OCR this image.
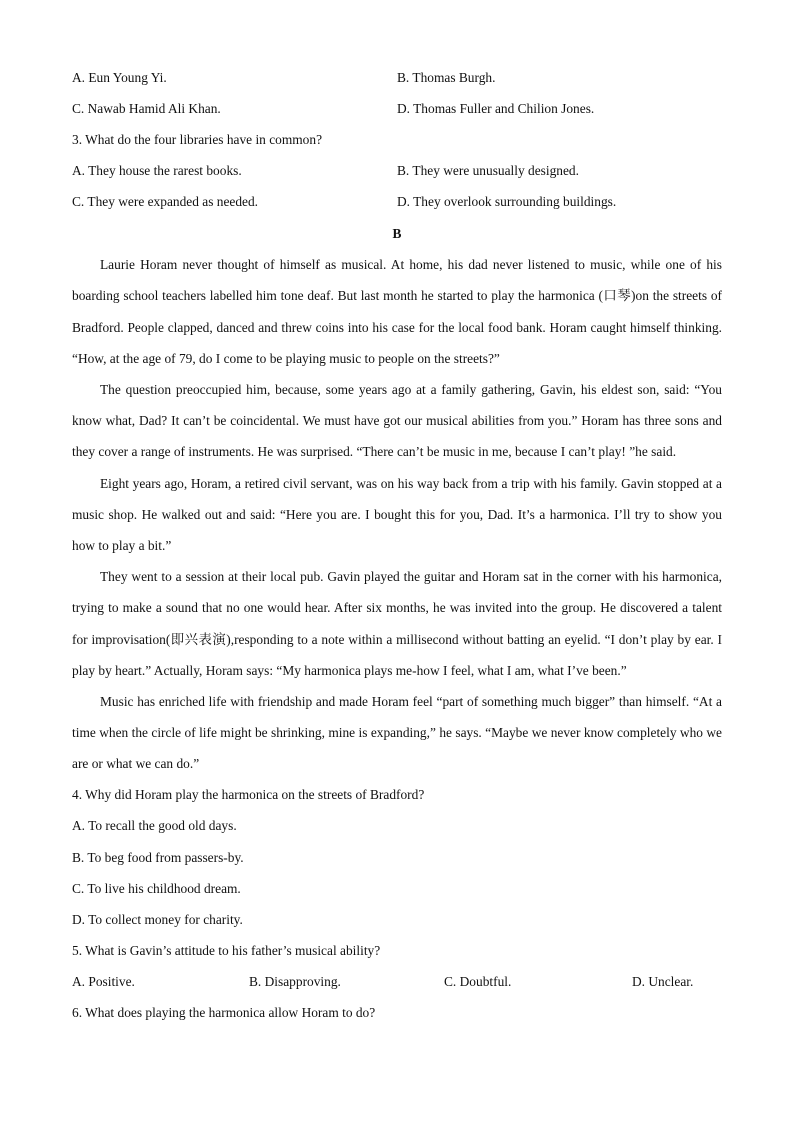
A. Eun Young Yi.	B. Thomas Burgh.
C. Nawab Hamid Ali Khan.	D. Thomas Fuller and Chilion Jones.
3. What do the four libraries have in common?
A. They house the rarest books.	B. They were unusually designed.
C. They were expanded as needed.	D. They overlook surrounding buildings.
B

Laurie Horam never thought of himself as musical. At home, his dad never listened to music, while one of his boarding school teachers labelled him tone deaf. But last month he started to play the harmonica (口琴)on the streets of Bradford. People clapped, danced and threw coins into his case for the local food bank. Horam caught himself thinking. “How, at the age of 79, do I come to be playing music to people on the streets?”

The question preoccupied him, because, some years ago at a family gathering, Gavin, his eldest son, said: “You know what, Dad? It can’t be coincidental. We must have got our musical abilities from you.” Horam has three sons and they cover a range of instruments. He was surprised. “There can’t be music in me, because I can’t play! ”he said.

Eight years ago, Horam, a retired civil servant, was on his way back from a trip with his family. Gavin stopped at a music shop. He walked out and said: “Here you are. I bought this for you, Dad. It’s a harmonica. I’ll try to show you how to play a bit.”

They went to a session at their local pub. Gavin played the guitar and Horam sat in the corner with his harmonica, trying to make a sound that no one would hear. After six months, he was invited into the group. He discovered a talent for improvisation(即兴表演),responding to a note within a millisecond without batting an eyelid. “I don’t play by ear. I play by heart.” Actually, Horam says: “My harmonica plays me-how I feel, what I am, what I’ve been.”

Music has enriched life with friendship and made Horam feel “part of something much bigger” than himself. “At a time when the circle of life might be shrinking, mine is expanding,” he says. “Maybe we never know completely who we are or what we can do.”

4. Why did Horam play the harmonica on the streets of Bradford?
A. To recall the good old days.
B. To beg food from passers-by.
C. To live his childhood dream.
D. To collect money for charity.
5. What is Gavin’s attitude to his father’s musical ability?
A. Positive.	B. Disapproving.	C. Doubtful.	D. Unclear.
6. What does playing the harmonica allow Horam to do?
